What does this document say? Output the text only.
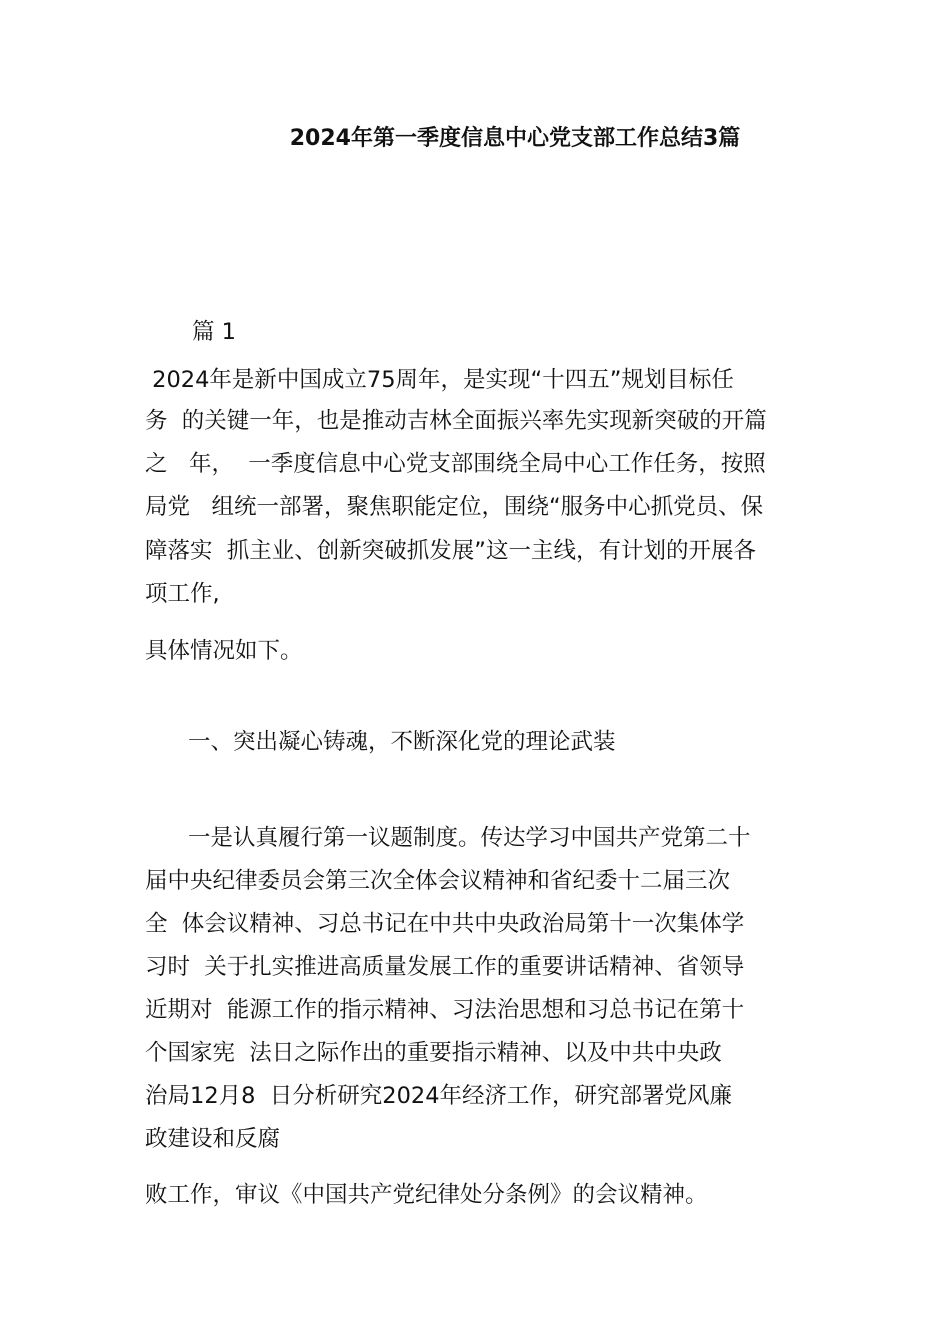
2024年第一季度信息中心党支部工作总结3篇
篇 1
2024年是新中国成立75周年，是实现“十四五”规划目标任
务  的关键一年，也是推动吉林全面振兴率先实现新突破的开篇
之   年，  一季度信息中心党支部围绕全局中心工作任务，按照
局党   组统一部署，聚焦职能定位，围绕“服务中心抓党员、保
障落实  抓主业、创新突破抓发展”这一主线，有计划的开展各
项工作,
具体情况如下。
一、突出凝心铸魂，不断深化党的理论武装
一是认真履行第一议题制度。传达学习中国共产党第二十
届中央纪律委员会第三次全体会议精神和省纪委十二届三次
全  体会议精神、习总书记在中共中央政治局第十一次集体学
习时  关于扎实推进高质量发展工作的重要讲话精神、省领导
近期对  能源工作的指示精神、习法治思想和习总书记在第十
个国家宪  法日之际作出的重要指示精神、以及中共中央政
治局12月8  日分析研究2024年经济工作，研究部署党风廉
政建设和反腐
败工作，审议《中国共产党纪律处分条例》的会议精神。
